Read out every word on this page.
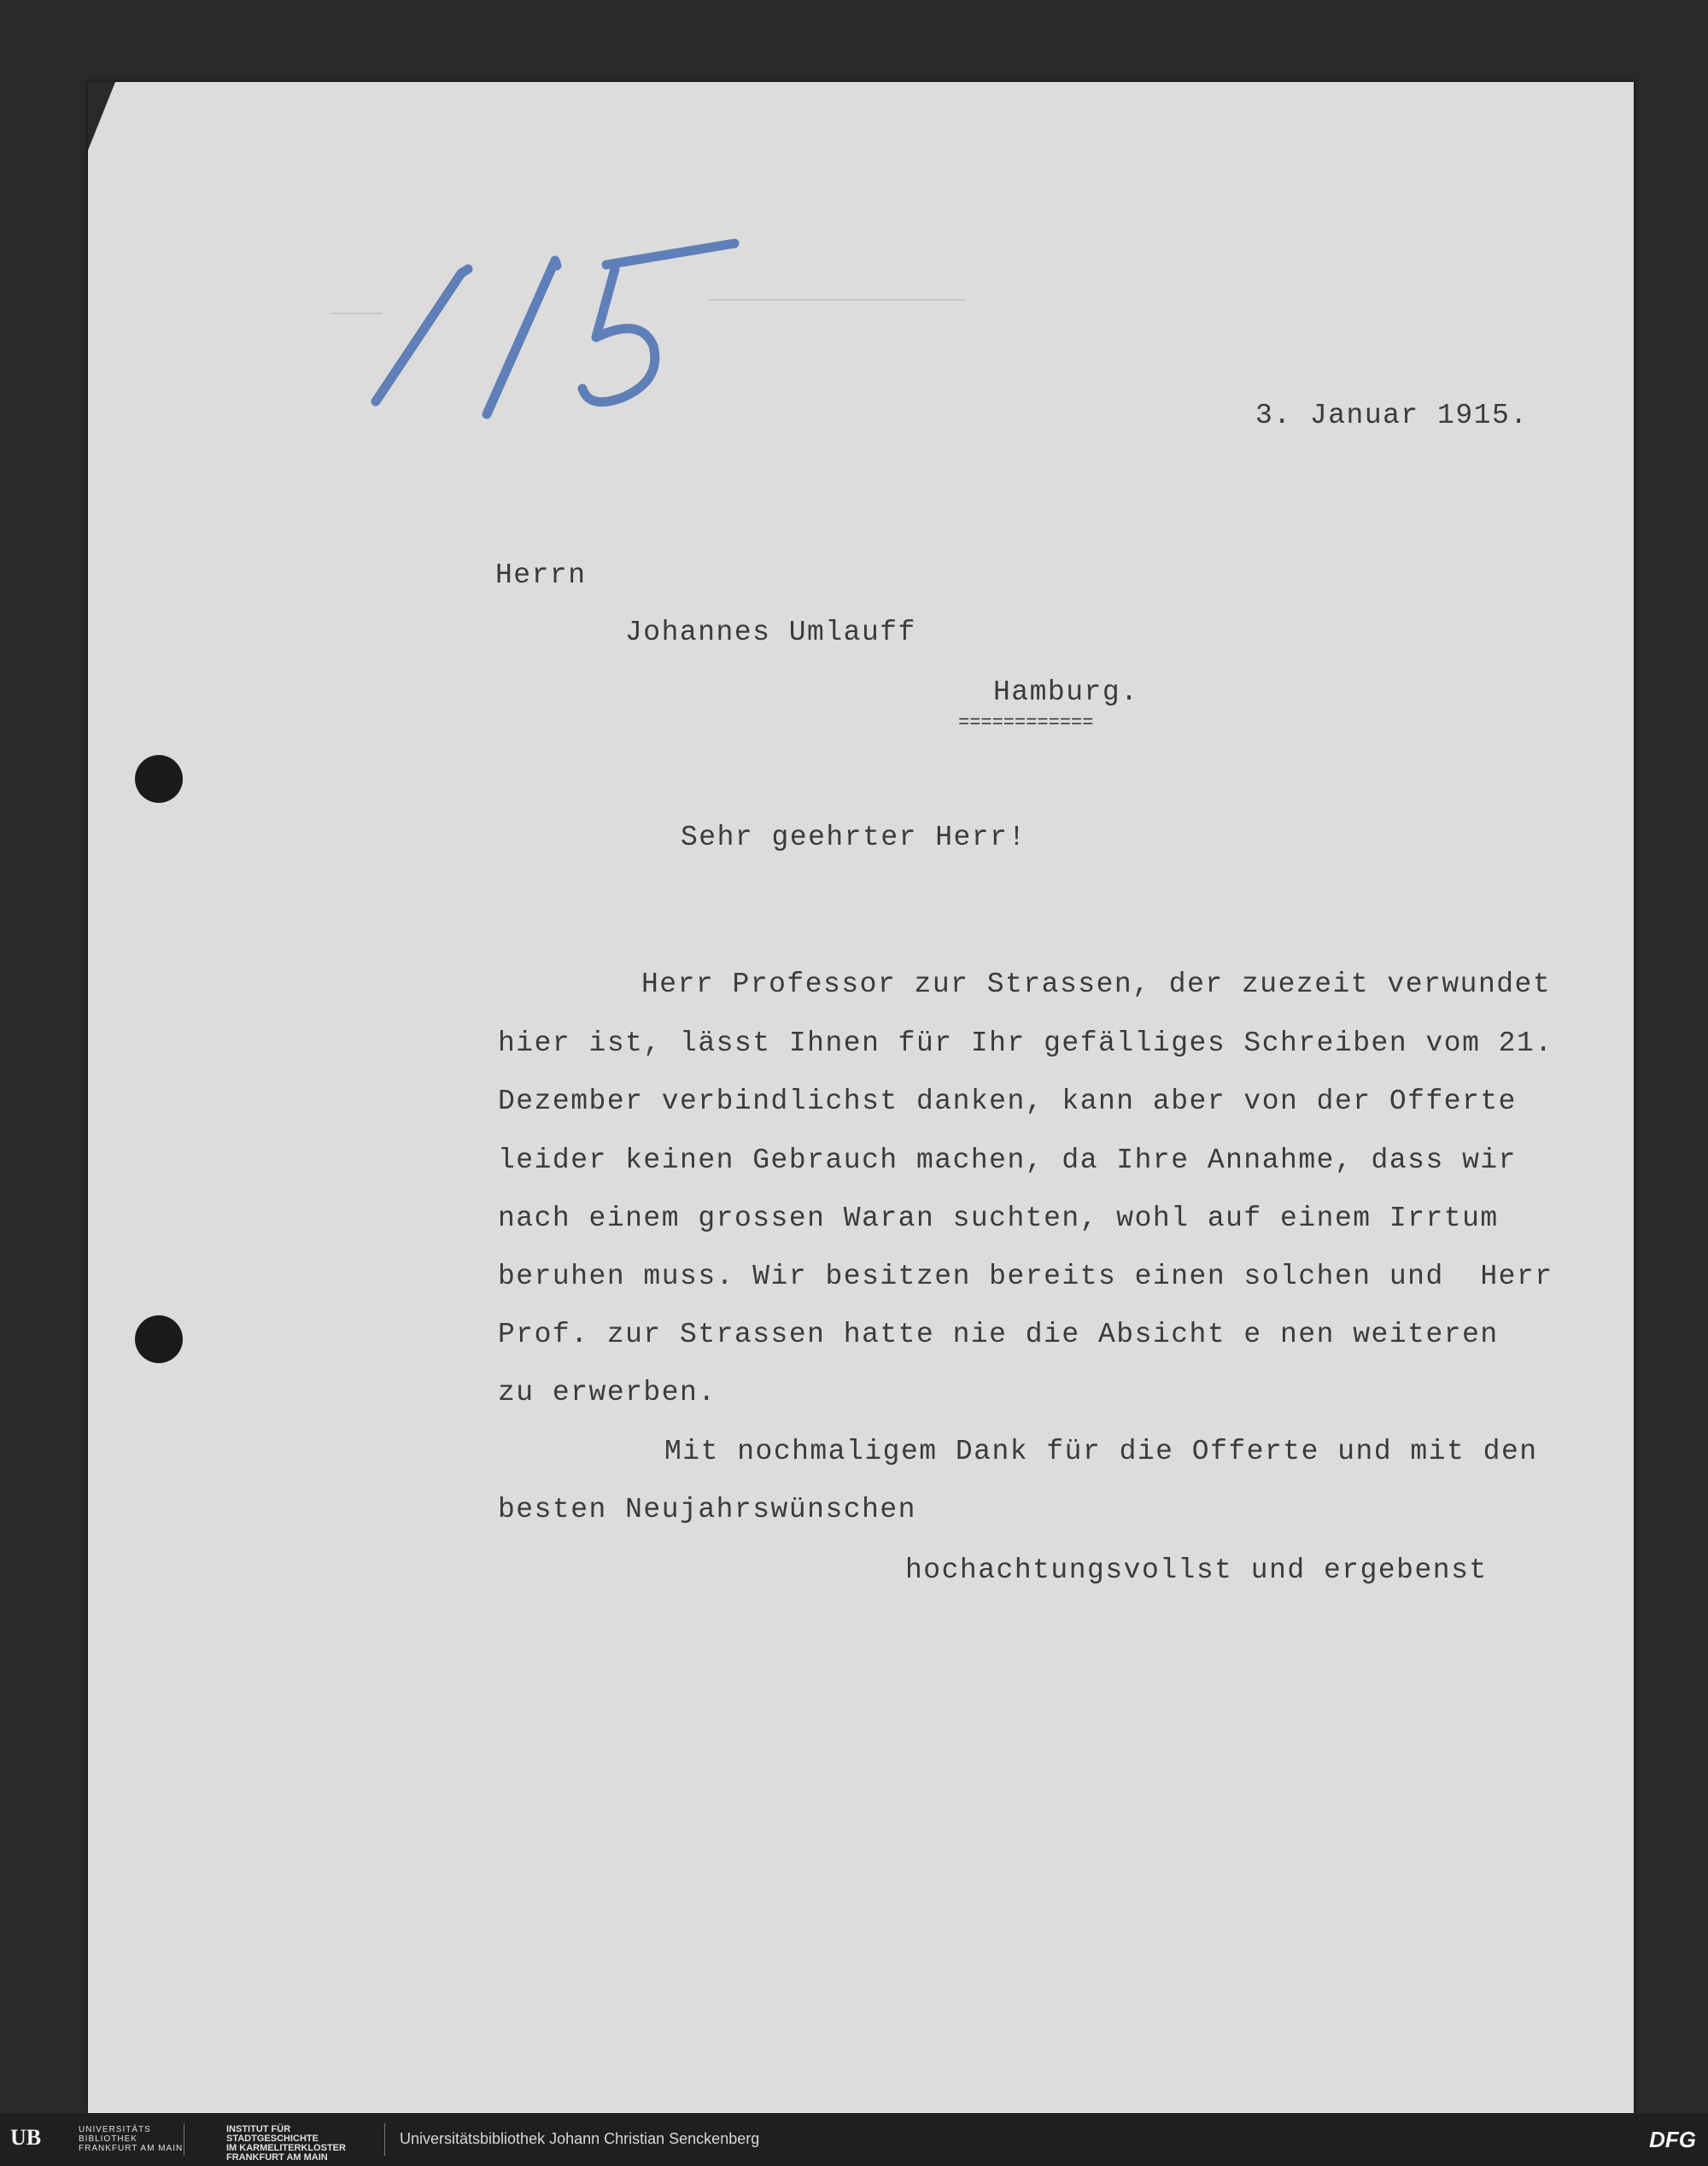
3. Januar 1915.
Herrn
Johannes Umlauff
Hamburg.
============
Sehr geehrter Herr!
Herr Professor zur Strassen, der zuezeit verwundet
hier ist, lässt Ihnen für Ihr gefälliges Schreiben vom 21.
Dezember verbindlichst danken, kann aber von der Offerte
leider keinen Gebrauch machen, da Ihre Annahme, dass wir
nach einem grossen Waran suchten, wohl auf einem Irrtum
beruhen muss. Wir besitzen bereits einen solchen und  Herr
Prof. zur Strassen hatte nie die Absicht e nen weiteren
zu erwerben.
Mit nochmaligem Dank für die Offerte und mit den
besten Neujahrswünschen
hochachtungsvollst und ergebenst
UB	UNIVERSITÄTS
BIBLIOTHEK
FRANKFURT AM MAIN
INSTITUT FÜR
STADTGESCHICHTE
IM KARMELITERKLOSTER
FRANKFURT AM MAIN
Universitätsbibliothek Johann Christian Senckenberg	DFG
